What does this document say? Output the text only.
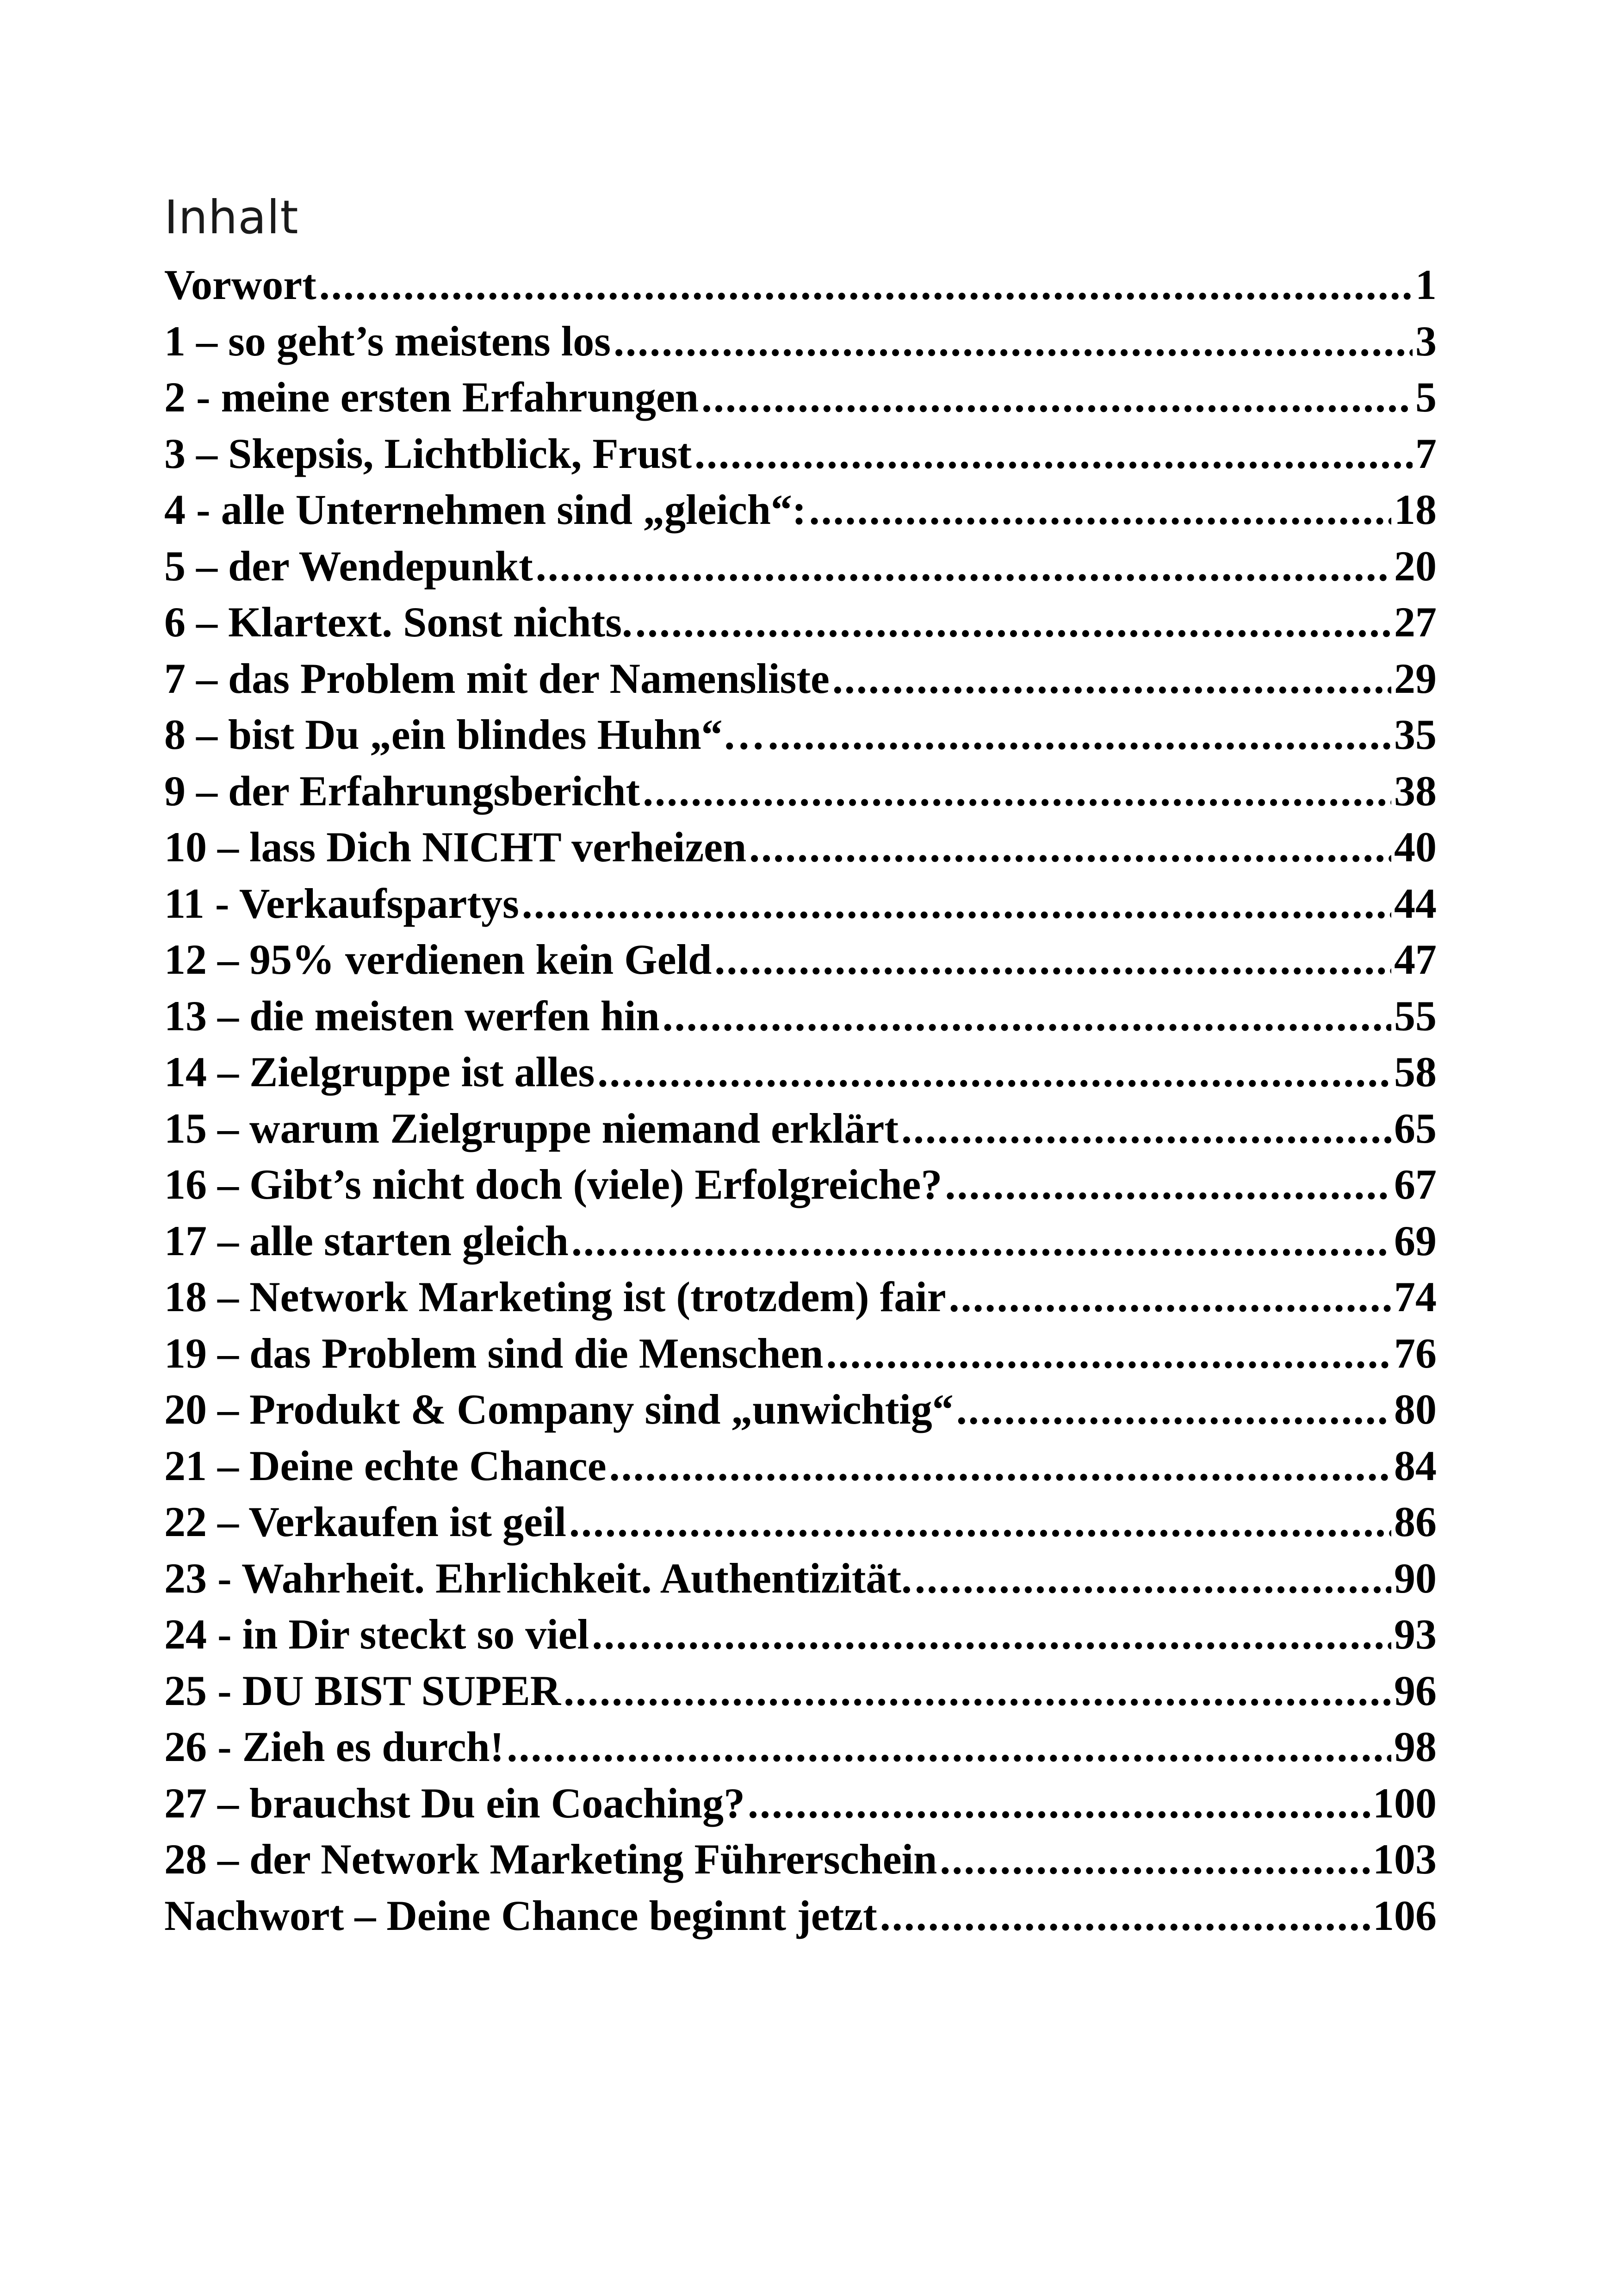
Inhalt
Vorwort .....	1
1 – so geht’s meistens los .....	3
2 - meine ersten Erfahrungen .....	5
3 – Skepsis, Lichtblick, Frust .....	7
4 - alle Unternehmen sind „gleich“: .....	18
5 – der Wendepunkt .....	20
6 – Klartext. Sonst nichts. .....	27
7 – das Problem mit der Namensliste .....	29
8 – bist Du „ein blindes Huhn“… .....	35
9 – der Erfahrungsbericht .....	38
10 – lass Dich NICHT verheizen .....	40
11 - Verkaufspartys .....	44
12 – 95% verdienen kein Geld .....	47
13 – die meisten werfen hin .....	55
14 – Zielgruppe ist alles .....	58
15 – warum Zielgruppe niemand erklärt .....	65
16 – Gibt’s nicht doch (viele) Erfolgreiche? .....	67
17 – alle starten gleich .....	69
18 – Network Marketing ist (trotzdem) fair .....	74
19 – das Problem sind die Menschen .....	76
20 – Produkt & Company sind „unwichtig“ .....	80
21 – Deine echte Chance .....	84
22 – Verkaufen ist geil .....	86
23 - Wahrheit. Ehrlichkeit. Authentizität. .....	90
24 - in Dir steckt so viel .....	93
25 - DU BIST SUPER .....	96
26 - Zieh es durch! .....	98
27 – brauchst Du ein Coaching? .....	100
28 – der Network Marketing Führerschein .....	103
Nachwort – Deine Chance beginnt jetzt .....	106
